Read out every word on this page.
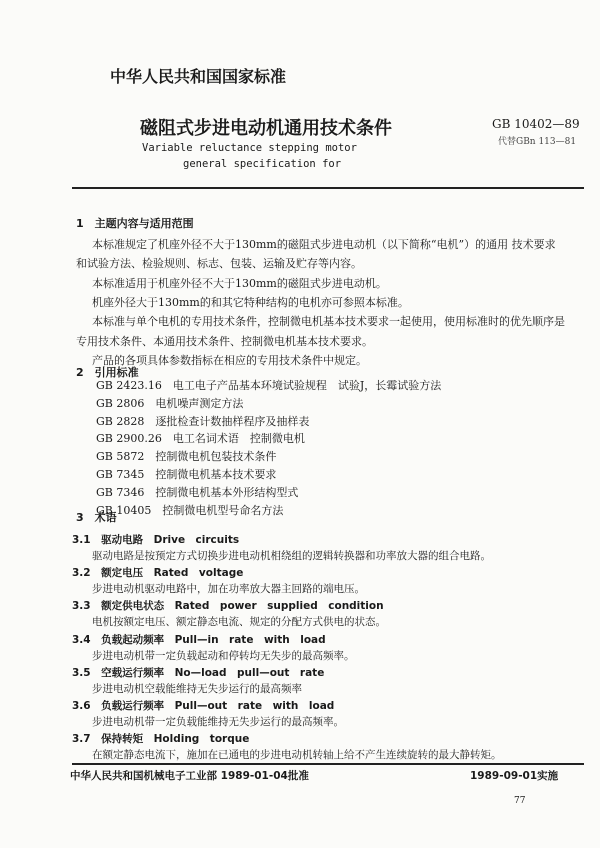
中华人民共和国国家标准
磁阻式步进电动机通用技术条件	GB 10402—89
代替GBn 113—81
Variable reluctance stepping motor
general specification for
1　主题内容与适用范围
本标准规定了机座外径不大于130mm的磁阻式步进电动机（以下简称“电机”）的通用 技术要求
和试验方法、检验规则、标志、包装、运输及贮存等内容。
本标准适用于机座外径不大于130mm的磁阻式步进电动机。
机座外径大于130mm的和其它特种结构的电机亦可参照本标准。
本标准与单个电机的专用技术条件，控制微电机基本技术要求一起使用，使用标准时的优先顺序是
专用技术条件、本通用技术条件、控制微电机基本技术要求。
产品的各项具体参数指标在相应的专用技术条件中规定。
2　引用标准
GB 2423.16　电工电子产品基本环境试验规程　试验J，长霉试验方法
GB 2806　电机噪声测定方法
GB 2828　逐批检查计数抽样程序及抽样表
GB 2900.26　电工名词术语　控制微电机
GB 5872　控制微电机包装技术条件
GB 7345　控制微电机基本技术要求
GB 7346　控制微电机基本外形结构型式
GB 10405　控制微电机型号命名方法
3　术语
3.1　驱动电路　Drive　circuits
驱动电路是按预定方式切换步进电动机相绕组的逻辑转换器和功率放大器的组合电路。
3.2　额定电压　Rated　voltage
步进电动机驱动电路中，加在功率放大器主回路的端电压。
3.3　额定供电状态　Rated　power　supplied　condition
电机按额定电压、额定静态电流、规定的分配方式供电的状态。
3.4　负载起动频率　Pull—in　rate　with　load
步进电动机带一定负载起动和停转均无失步的最高频率。
3.5　空载运行频率　No—load　pull—out　rate
步进电动机空载能维持无失步运行的最高频率
3.6　负载运行频率　Pull—out　rate　with　load
步进电动机带一定负载能维持无失步运行的最高频率。
3.7　保持转矩　Holding　torque
在额定静态电流下，施加在已通电的步进电动机转轴上给不产生连续旋转的最大静转矩。
中华人民共和国机械电子工业部 1989-01-04批准	1989-09-01实施
77
